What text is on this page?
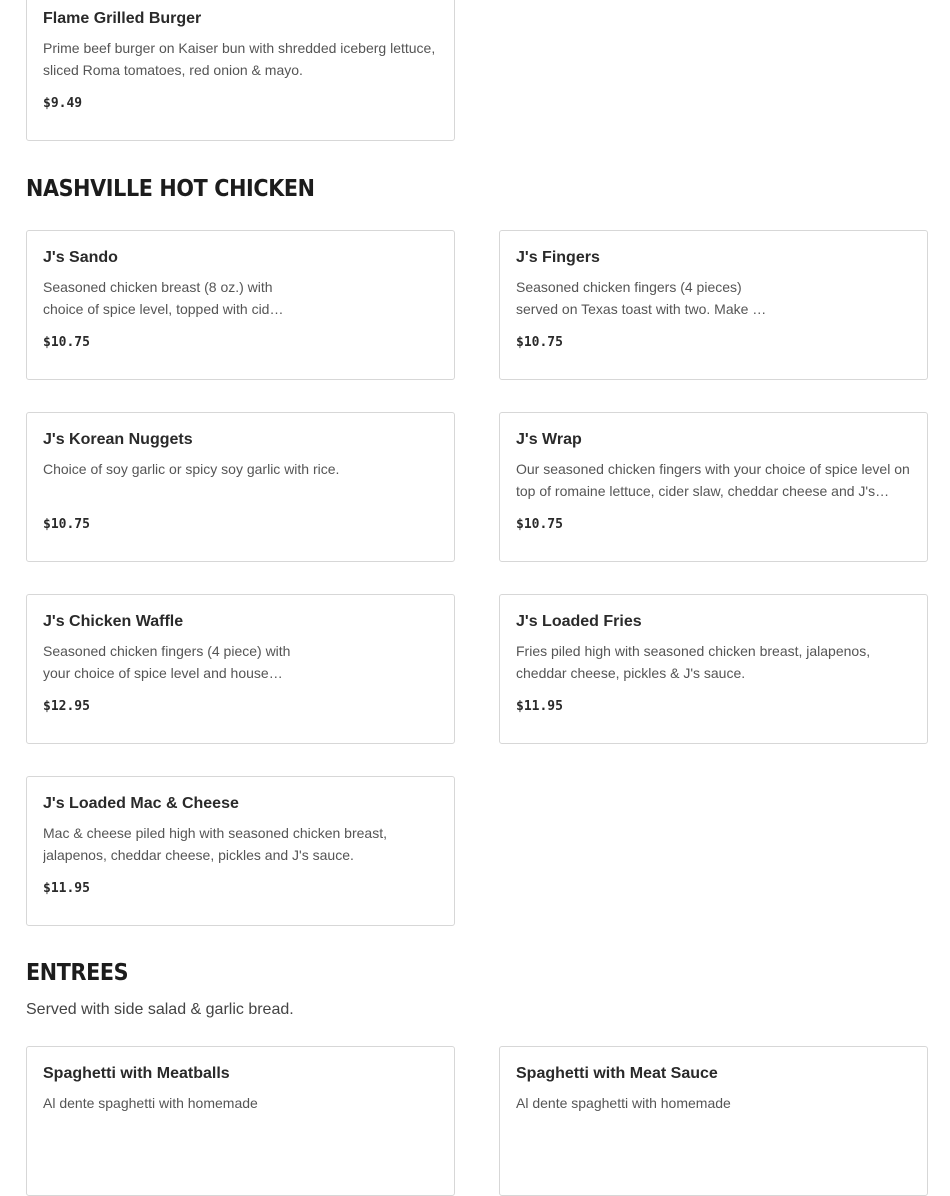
Flame Grilled Burger
Prime beef burger on Kaiser bun with shredded iceberg lettuce, sliced Roma tomatoes, red onion & mayo.
$9.49
NASHVILLE HOT CHICKEN
J's Sando
Seasoned chicken breast (8 oz.) with choice of spice level, topped with cid…
$10.75
J's Fingers
Seasoned chicken fingers (4 pieces) served on Texas toast with two. Make …
$10.75
J's Korean Nuggets
Choice of soy garlic or spicy soy garlic with rice.
$10.75
J's Wrap
Our seasoned chicken fingers with your choice of spice level on top of romaine lettuce, cider slaw, cheddar cheese and J's…
$10.75
J's Chicken Waffle
Seasoned chicken fingers (4 piece) with your choice of spice level and house…
$12.95
J's Loaded Fries
Fries piled high with seasoned chicken breast, jalapenos, cheddar cheese, pickles & J's sauce.
$11.95
J's Loaded Mac & Cheese
Mac & cheese piled high with seasoned chicken breast, jalapenos, cheddar cheese, pickles and J's sauce.
$11.95
ENTREES
Served with side salad & garlic bread.
Spaghetti with Meatballs
Al dente spaghetti with homemade
Spaghetti with Meat Sauce
Al dente spaghetti with homemade
